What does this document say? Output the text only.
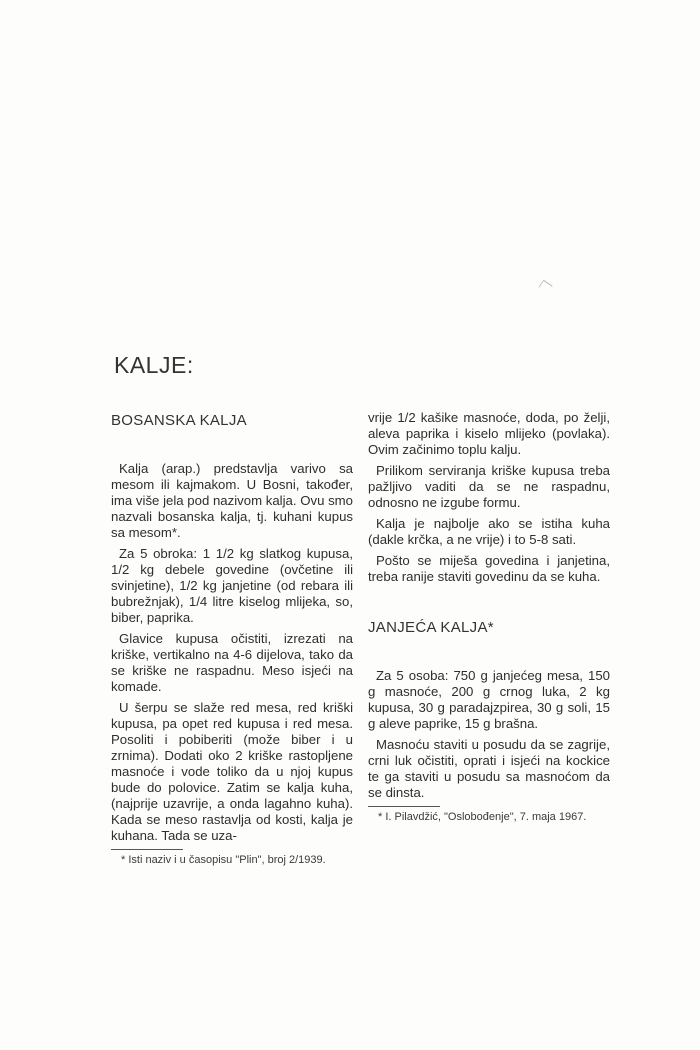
KALJE:
BOSANSKA KALJA

Kalja (arap.) predstavlja varivo sa mesom ili kajmakom. U Bosni, također, ima više jela pod nazivom kalja. Ovu smo nazvali bosanska kalja, tj. kuhani kupus sa mesom*.

Za 5 obroka: 1 1/2 kg slatkog kupusa, 1/2 kg debele govedine (ovčetine ili svinjetine), 1/2 kg janjetine (od rebara ili bubrežnjak), 1/4 litre kiselog mlijeka, so, biber, paprika.

Glavice kupusa očistiti, izrezati na kriške, vertikalno na 4-6 dijelova, tako da se kriške ne raspadnu. Meso isjeći na komade.

U šerpu se slaže red mesa, red kriški kupusa, pa opet red kupusa i red mesa. Posoliti i pobiberiti (može biber i u zrnima). Dodati oko 2 kriške rastopljene masnoće i vode toliko da u njoj kupus bude do polovice. Zatim se kalja kuha, (najprije uzavrije, a onda lagahno kuha). Kada se meso rastavlja od kosti, kalja je kuhana. Tada se uza-

* Isti naziv i u časopisu "Plin", broj 2/1939.

vrije 1/2 kašike masnoće, doda, po želji, aleva paprika i kiselo mlijeko (povlaka). Ovim začinimo toplu kalju.

Prilikom serviranja kriške kupusa treba pažljivo vaditi da se ne raspadnu, odnosno ne izgube formu.

Kalja je najbolje ako se istiha kuha (dakle krčka, a ne vrije) i to 5-8 sati.

Pošto se miješa govedina i janjetina, treba ranije staviti govedinu da se kuha.

JANJEĆA KALJA*

Za 5 osoba: 750 g janjećeg mesa, 150 g masnoće, 200 g crnog luka, 2 kg kupusa, 30 g paradajzpirea, 30 g soli, 15 g aleve paprike, 15 g brašna.

Masnoću staviti u posudu da se zagrije, crni luk očistiti, oprati i isjeći na kockice te ga staviti u posudu sa masnoćom da se dinsta.

* I. Pilavdžić, "Oslobođenje", 7. maja 1967.
